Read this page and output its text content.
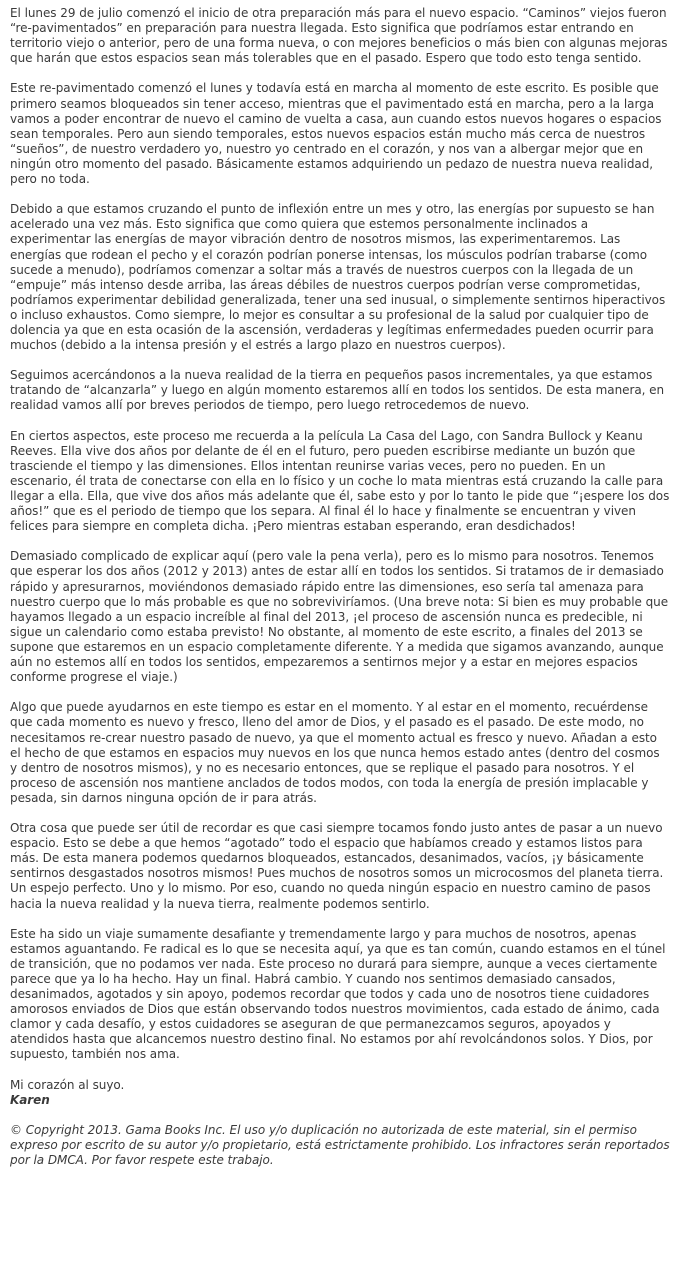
El lunes 29 de julio comenzó el inicio de otra preparación más para el nuevo espacio. “Caminos” viejos fueron “re-pavimentados” en preparación para nuestra llegada. Esto significa que podríamos estar entrando en territorio viejo o anterior, pero de una forma nueva, o con mejores beneficios o más bien con algunas mejoras que harán que estos espacios sean más tolerables que en el pasado. Espero que todo esto tenga sentido.

Este re-pavimentado comenzó el lunes y todavía está en marcha al momento de este escrito. Es posible que primero seamos bloqueados sin tener acceso, mientras que el pavimentado está en marcha, pero a la larga vamos a poder encontrar de nuevo el camino de vuelta a casa, aun cuando estos nuevos hogares o espacios sean temporales. Pero aun siendo temporales, estos nuevos espacios están mucho más cerca de nuestros “sueños”, de nuestro verdadero yo, nuestro yo centrado en el corazón, y nos van a albergar mejor que en ningún otro momento del pasado. Básicamente estamos adquiriendo un pedazo de nuestra nueva realidad, pero no toda.

Debido a que estamos cruzando el punto de inflexión entre un mes y otro, las energías por supuesto se han acelerado una vez más. Esto significa que como quiera que estemos personalmente inclinados a experimentar las energías de mayor vibración dentro de nosotros mismos, las experimentaremos. Las energías que rodean el pecho y el corazón podrían ponerse intensas, los músculos podrían trabarse (como sucede a menudo), podríamos comenzar a soltar más a través de nuestros cuerpos con la llegada de un “empuje” más intenso desde arriba, las áreas débiles de nuestros cuerpos podrían verse comprometidas, podríamos experimentar debilidad generalizada, tener una sed inusual, o simplemente sentirnos hiperactivos o incluso exhaustos. Como siempre, lo mejor es consultar a su profesional de la salud por cualquier tipo de dolencia ya que en esta ocasión de la ascensión, verdaderas y legítimas enfermedades pueden ocurrir para muchos (debido a la intensa presión y el estrés a largo plazo en nuestros cuerpos).

Seguimos acercándonos a la nueva realidad de la tierra en pequeños pasos incrementales, ya que estamos tratando de “alcanzarla” y luego en algún momento estaremos allí en todos los sentidos. De esta manera, en realidad vamos allí por breves periodos de tiempo, pero luego retrocedemos de nuevo.

En ciertos aspectos, este proceso me recuerda a la película La Casa del Lago, con Sandra Bullock y Keanu Reeves. Ella vive dos años por delante de él en el futuro, pero pueden escribirse mediante un buzón que trasciende el tiempo y las dimensiones. Ellos intentan reunirse varias veces, pero no pueden. En un escenario, él trata de conectarse con ella en lo físico y un coche lo mata mientras está cruzando la calle para llegar a ella. Ella, que vive dos años más adelante que él, sabe esto y por lo tanto le pide que “¡espere los dos años!” que es el periodo de tiempo que los separa. Al final él lo hace y finalmente se encuentran y viven felices para siempre en completa dicha. ¡Pero mientras estaban esperando, eran desdichados!

Demasiado complicado de explicar aquí (pero vale la pena verla), pero es lo mismo para nosotros. Tenemos que esperar los dos años (2012 y 2013) antes de estar allí en todos los sentidos. Si tratamos de ir demasiado rápido y apresurarnos, moviéndonos demasiado rápido entre las dimensiones, eso sería tal amenaza para nuestro cuerpo que lo más probable es que no sobreviviríamos. (Una breve nota: Si bien es muy probable que hayamos llegado a un espacio increíble al final del 2013, ¡el proceso de ascensión nunca es predecible, ni sigue un calendario como estaba previsto! No obstante, al momento de este escrito, a finales del 2013 se supone que estaremos en un espacio completamente diferente. Y a medida que sigamos avanzando, aunque aún no estemos allí en todos los sentidos, empezaremos a sentirnos mejor y a estar en mejores espacios conforme progrese el viaje.)

Algo que puede ayudarnos en este tiempo es estar en el momento. Y al estar en el momento, recuérdense que cada momento es nuevo y fresco, lleno del amor de Dios, y el pasado es el pasado. De este modo, no necesitamos re-crear nuestro pasado de nuevo, ya que el momento actual es fresco y nuevo. Añadan a esto el hecho de que estamos en espacios muy nuevos en los que nunca hemos estado antes (dentro del cosmos y dentro de nosotros mismos), y no es necesario entonces, que se replique el pasado para nosotros. Y el proceso de ascensión nos mantiene anclados de todos modos, con toda la energía de presión implacable y pesada, sin darnos ninguna opción de ir para atrás.

Otra cosa que puede ser útil de recordar es que casi siempre tocamos fondo justo antes de pasar a un nuevo espacio. Esto se debe a que hemos “agotado” todo el espacio que habíamos creado y estamos listos para más. De esta manera podemos quedarnos bloqueados, estancados, desanimados, vacíos, ¡y básicamente sentirnos desgastados nosotros mismos! Pues muchos de nosotros somos un microcosmos del planeta tierra. Un espejo perfecto. Uno y lo mismo. Por eso, cuando no queda ningún espacio en nuestro camino de pasos hacia la nueva realidad y la nueva tierra, realmente podemos sentirlo.

Este ha sido un viaje sumamente desafiante y tremendamente largo y para muchos de nosotros, apenas estamos aguantando. Fe radical es lo que se necesita aquí, ya que es tan común, cuando estamos en el túnel de transición, que no podamos ver nada. Este proceso no durará para siempre, aunque a veces ciertamente parece que ya lo ha hecho. Hay un final. Habrá cambio. Y cuando nos sentimos demasiado cansados, desanimados, agotados y sin apoyo, podemos recordar que todos y cada uno de nosotros tiene cuidadores amorosos enviados de Dios que están observando todos nuestros movimientos, cada estado de ánimo, cada clamor y cada desafío, y estos cuidadores se aseguran de que permanezcamos seguros, apoyados y atendidos hasta que alcancemos nuestro destino final. No estamos por ahí revolcándonos solos. Y Dios, por supuesto, también nos ama.

Mi corazón al suyo.
Karen

© Copyright 2013. Gama Books Inc. El uso y/o duplicación no autorizada de este material, sin el permiso expreso por escrito de su autor y/o propietario, está estrictamente prohibido. Los infractores serán reportados por la DMCA. Por favor respete este trabajo.
